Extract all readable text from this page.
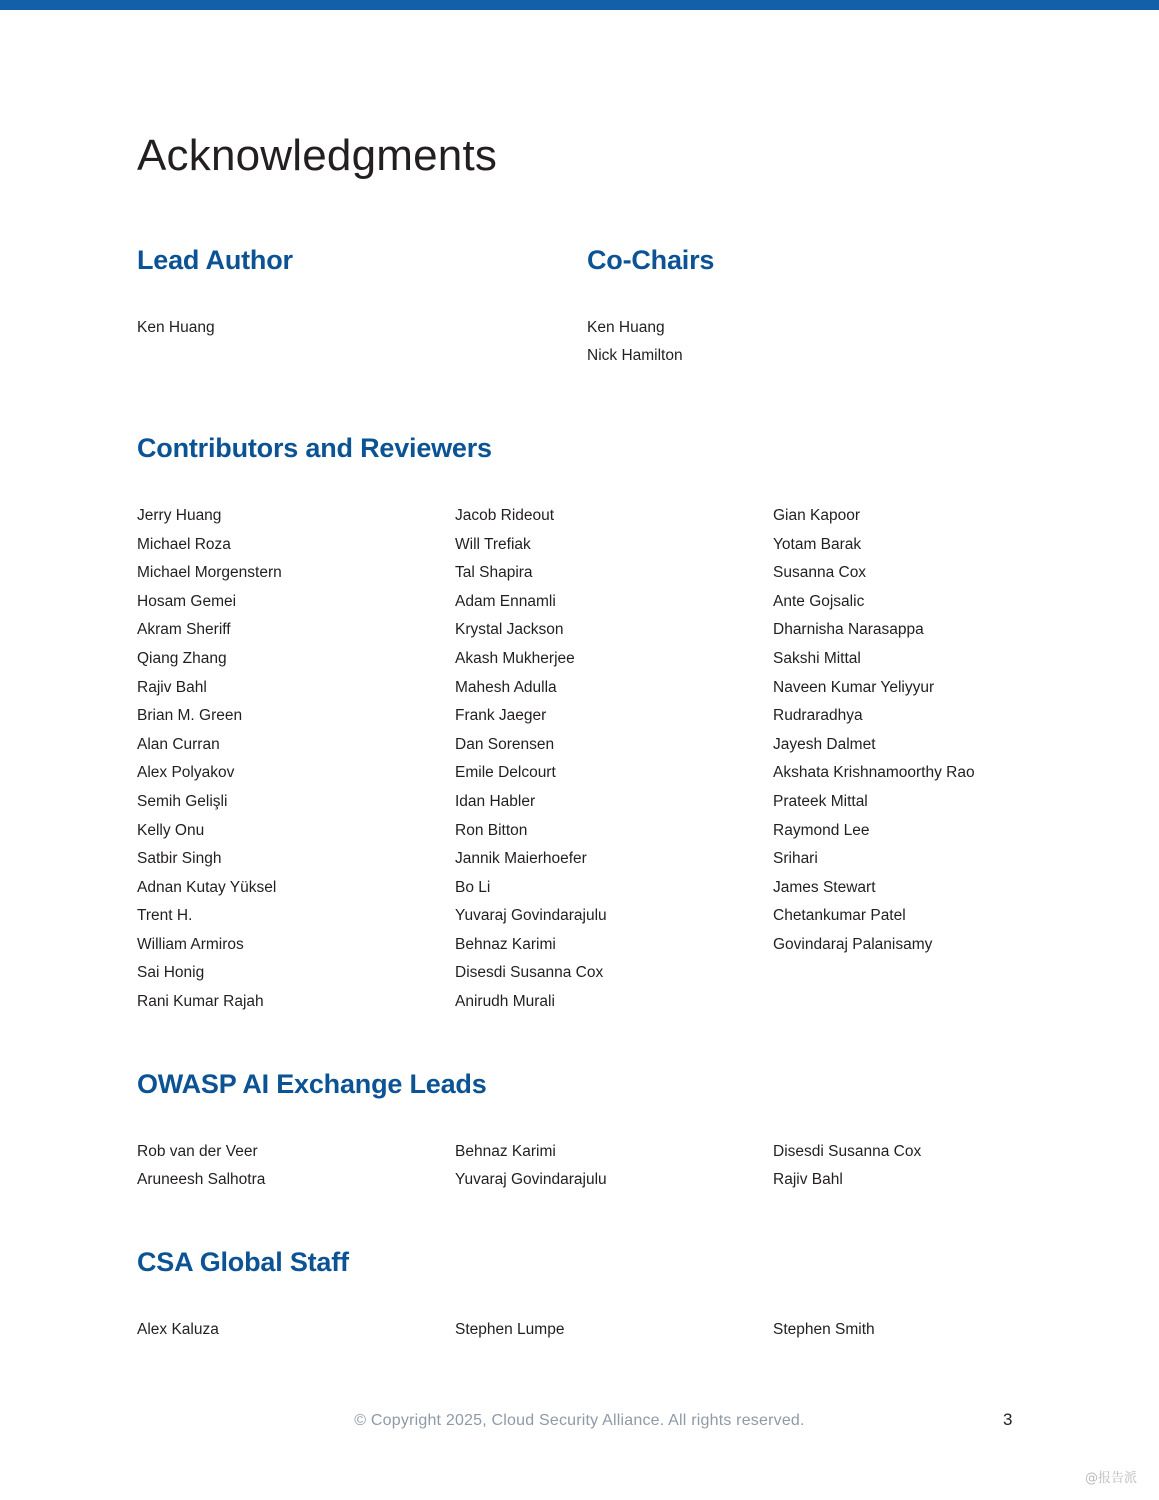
Acknowledgments
Lead Author
Ken Huang
Co-Chairs
Ken Huang
Nick Hamilton
Contributors and Reviewers
Jerry Huang
Michael Roza
Michael Morgenstern
Hosam Gemei
Akram Sheriff
Qiang Zhang
Rajiv Bahl
Brian M. Green
Alan Curran
Alex Polyakov
Semih Gelişli
Kelly Onu
Satbir Singh
Adnan Kutay Yüksel
Trent H.
William Armiros
Sai Honig
Rani Kumar Rajah
Jacob Rideout
Will Trefiak
Tal Shapira
Adam Ennamli
Krystal Jackson
Akash Mukherjee
Mahesh Adulla
Frank Jaeger
Dan Sorensen
Emile Delcourt
Idan Habler
Ron Bitton
Jannik Maierhoefer
Bo Li
Yuvaraj Govindarajulu
Behnaz Karimi
Disesdi Susanna Cox
Anirudh Murali
Gian Kapoor
Yotam Barak
Susanna Cox
Ante Gojsalic
Dharnisha Narasappa
Sakshi Mittal
Naveen Kumar Yeliyyur
Rudraradhya
Jayesh Dalmet
Akshata Krishnamoorthy Rao
Prateek Mittal
Raymond Lee
Srihari
James Stewart
Chetankumar Patel
Govindaraj Palanisamy
OWASP AI Exchange Leads
Rob van der Veer
Aruneesh Salhotra
Behnaz Karimi
Yuvaraj Govindarajulu
Disesdi Susanna Cox
Rajiv Bahl
CSA Global Staff
Alex Kaluza	Stephen Lumpe	Stephen Smith
© Copyright 2025, Cloud Security Alliance. All rights reserved.	3
@报告派
